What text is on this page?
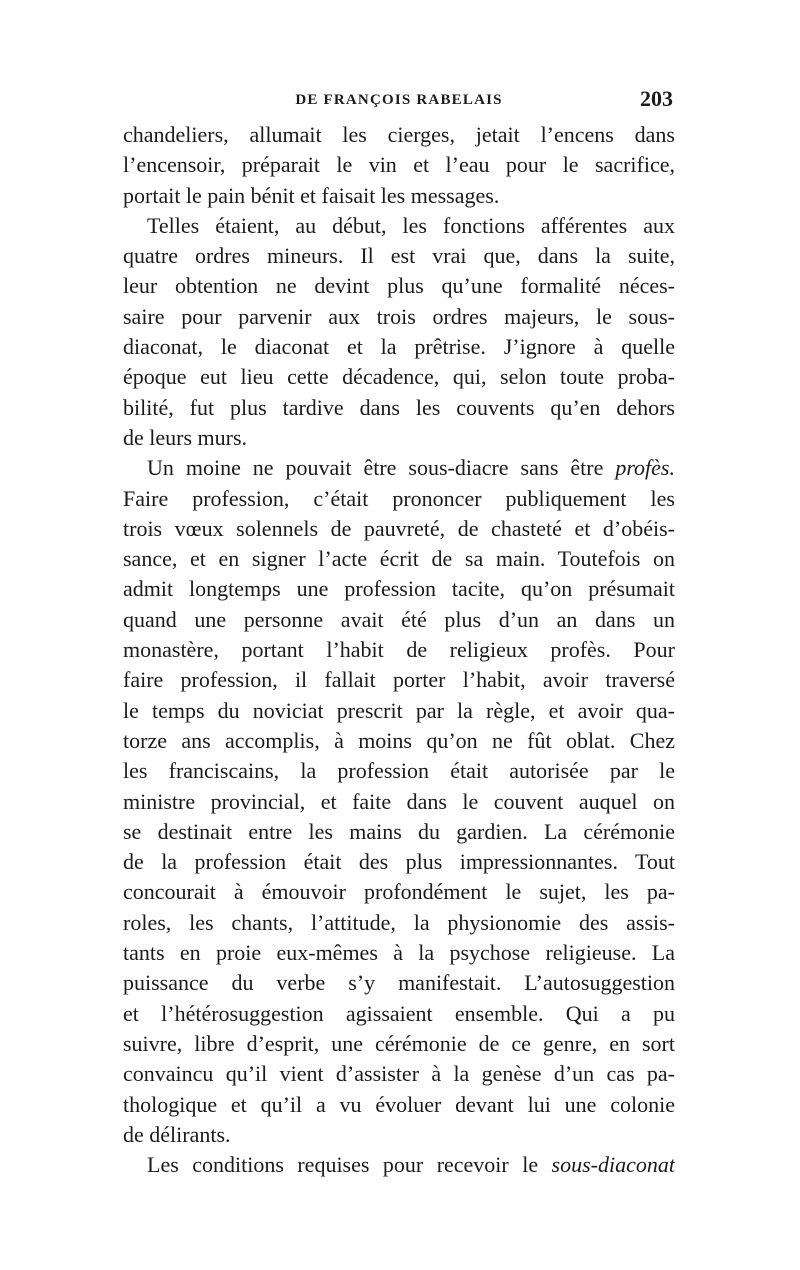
DE FRANÇOIS RABELAIS	203
chandeliers, allumait les cierges, jetait l’encens dans
l’encensoir, préparait le vin et l’eau pour le sacrifice,
portait le pain bénit et faisait les messages.
Telles étaient, au début, les fonctions afférentes aux
quatre ordres mineurs. Il est vrai que, dans la suite,
leur obtention ne devint plus qu’une formalité néces-
saire pour parvenir aux trois ordres majeurs, le sous-
diaconat, le diaconat et la prêtrise. J’ignore à quelle
époque eut lieu cette décadence, qui, selon toute proba-
bilité, fut plus tardive dans les couvents qu’en dehors
de leurs murs.
Un moine ne pouvait être sous-diacre sans être profès.
Faire profession, c’était prononcer publiquement les
trois vœux solennels de pauvreté, de chasteté et d’obéis-
sance, et en signer l’acte écrit de sa main. Toutefois on
admit longtemps une profession tacite, qu’on présumait
quand une personne avait été plus d’un an dans un
monastère, portant l’habit de religieux profès. Pour
faire profession, il fallait porter l’habit, avoir traversé
le temps du noviciat prescrit par la règle, et avoir qua-
torze ans accomplis, à moins qu’on ne fût oblat. Chez
les franciscains, la profession était autorisée par le
ministre provincial, et faite dans le couvent auquel on
se destinait entre les mains du gardien. La cérémonie
de la profession était des plus impressionnantes. Tout
concourait à émouvoir profondément le sujet, les pa-
roles, les chants, l’attitude, la physionomie des assis-
tants en proie eux-mêmes à la psychose religieuse. La
puissance du verbe s’y manifestait. L’autosuggestion
et l’hétérosuggestion agissaient ensemble. Qui a pu
suivre, libre d’esprit, une cérémonie de ce genre, en sort
convaincu qu’il vient d’assister à la genèse d’un cas pa-
thologique et qu’il a vu évoluer devant lui une colonie
de délirants.
Les conditions requises pour recevoir le sous-diaconat
